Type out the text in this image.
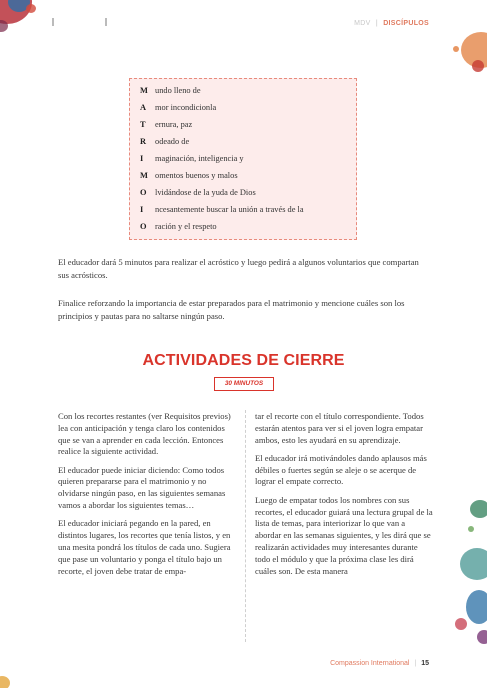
MDV | DISCÍPULOS
M undo lleno de
A mor incondicionla
T ernura, paz
R odeado de
I maginación, inteligencia y
M omentos buenos y malos
O lvidándose de la yuda de Dios
I ncesantemente buscar la unión a través de la
O ración y el respeto

El educador dará 5 minutos para realizar el acróstico y luego pedirá a algunos voluntarios que compartan sus acrósticos.

Finalice reforzando la importancia de estar preparados para el matrimonio y mencione cuáles son los principios y pautas para no saltarse ningún paso.

ACTIVIDADES DE CIERRE
30 MINUTOS

Con los recortes restantes (ver Requisitos previos) lea con anticipación y tenga claro los contenidos que se van a aprender en cada lección. Entonces realice la siguiente actividad.

El educador puede iniciar diciendo: Como todos quieren prepararse para el matrimonio y no olvidarse ningún paso, en las siguientes semanas vamos a abordar los siguientes temas…

El educador iniciará pegando en la pared, en distintos lugares, los recortes que tenía listos, y en una mesita pondrá los títulos de cada uno. Sugiera que pase un voluntario y ponga el título bajo un recorte, el joven debe tratar de empa-

tar el recorte con el título correspondiente. Todos estarán atentos para ver si el joven logra empatar ambos, esto les ayudará en su aprendizaje.

El educador irá motivándoles dando aplausos más débiles o fuertes según se aleje o se acerque de lograr el empate correcto.

Luego de empatar todos los nombres con sus recortes, el educador guiará una lectura grupal de la lista de temas, para interiorizar lo que van a abordar en las semanas siguientes, y les dirá que se realizarán actividades muy interesantes durante todo el módulo y que la próxima clase les dirá cuáles son. De esta manera

Compassion International | 15
